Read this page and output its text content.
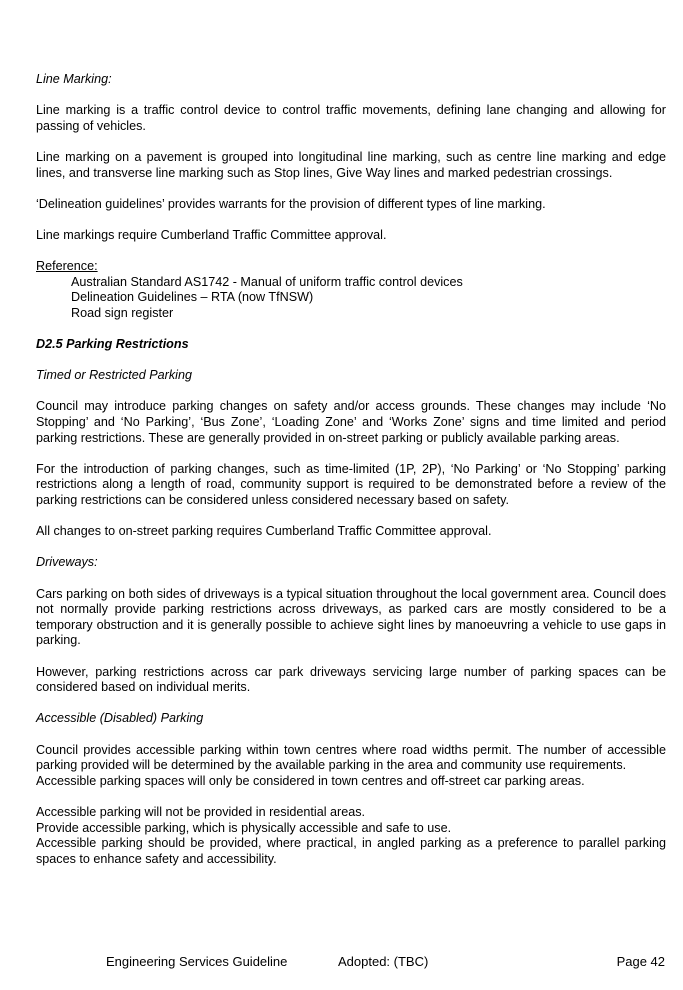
Line Marking:

Line marking is a traffic control device to control traffic movements, defining lane changing and allowing for passing of vehicles.

Line marking on a pavement is grouped into longitudinal line marking, such as centre line marking and edge lines, and transverse line marking such as Stop lines, Give Way lines and marked pedestrian crossings.

‘Delineation guidelines’ provides warrants for the provision of different types of line marking.

Line markings require Cumberland Traffic Committee approval.

Reference:

Australian Standard AS1742 - Manual of uniform traffic control devices

Delineation Guidelines – RTA (now TfNSW)

Road sign register

D2.5 Parking Restrictions

Timed or Restricted Parking

Council may introduce parking changes on safety and/or access grounds. These changes may include ‘No Stopping’ and ‘No Parking’, ‘Bus Zone’, ‘Loading Zone’ and ‘Works Zone’ signs and time limited and period parking restrictions. These are generally provided in on-street parking or publicly available parking areas.

For the introduction of parking changes, such as time-limited (1P, 2P), ‘No Parking’ or ‘No Stopping’ parking restrictions along a length of road, community support is required to be demonstrated before a review of the parking restrictions can be considered unless considered necessary based on safety.

All changes to on-street parking requires Cumberland Traffic Committee approval.

Driveways:

Cars parking on both sides of driveways is a typical situation throughout the local government area. Council does not normally provide parking restrictions across driveways, as parked cars are mostly considered to be a temporary obstruction and it is generally possible to achieve sight lines by manoeuvring a vehicle to use gaps in parking.

However, parking restrictions across car park driveways servicing large number of parking spaces can be considered based on individual merits.

Accessible (Disabled) Parking

Council provides accessible parking within town centres where road widths permit. The number of accessible parking provided will be determined by the available parking in the area and community use requirements.

Accessible parking spaces will only be considered in town centres and off-street car parking areas.

Accessible parking will not be provided in residential areas.

Provide accessible parking, which is physically accessible and safe to use.

Accessible parking should be provided, where practical, in angled parking as a preference to parallel parking spaces to enhance safety and accessibility.

Engineering Services Guideline	Adopted: (TBC)	Page 42
